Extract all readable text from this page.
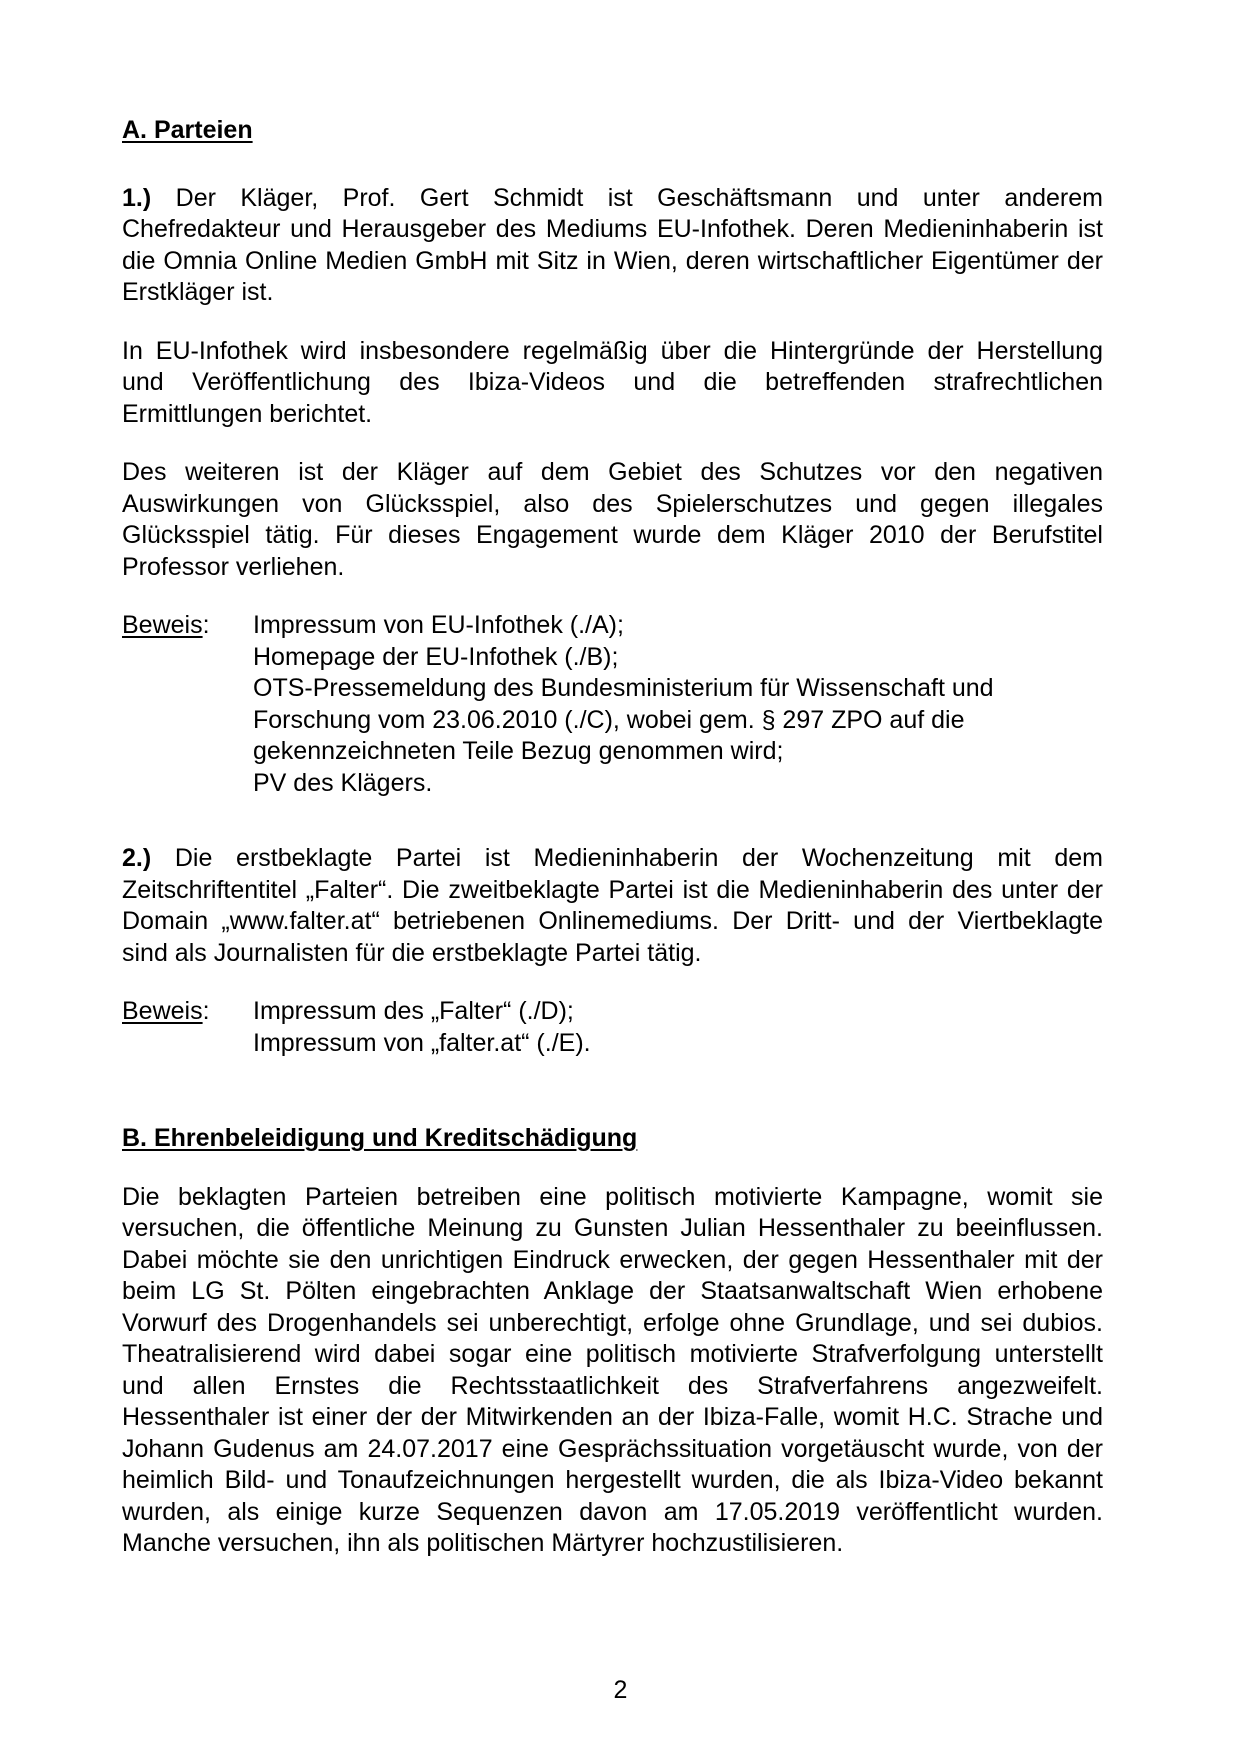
A. Parteien
1.) Der Kläger, Prof. Gert Schmidt ist Geschäftsmann und unter anderem
Chefredakteur und Herausgeber des Mediums EU-Infothek. Deren Medieninhaberin ist
die Omnia Online Medien GmbH mit Sitz in Wien, deren wirtschaftlicher Eigentümer der
Erstkläger ist.
In EU-Infothek wird insbesondere regelmäßig über die Hintergründe der Herstellung
und Veröffentlichung des Ibiza-Videos und die betreffenden strafrechtlichen
Ermittlungen berichtet.
Des weiteren ist der Kläger auf dem Gebiet des Schutzes vor den negativen
Auswirkungen von Glücksspiel, also des Spielerschutzes und gegen illegales
Glücksspiel tätig. Für dieses Engagement wurde dem Kläger 2010 der Berufstitel
Professor verliehen.
Beweis: Impressum von EU-Infothek (./A);
Homepage der EU-Infothek (./B);
OTS-Pressemeldung des Bundesministerium für Wissenschaft und Forschung vom 23.06.2010 (./C), wobei gem. § 297 ZPO auf die gekennzeichneten Teile Bezug genommen wird;
PV des Klägers.
2.) Die erstbeklagte Partei ist Medieninhaberin der Wochenzeitung mit dem
Zeitschriftentitel „Falter“. Die zweitbeklagte Partei ist die Medieninhaberin des unter der
Domain „www.falter.at“ betriebenen Onlinemediums. Der Dritt- und der Viertbeklagte
sind als Journalisten für die erstbeklagte Partei tätig.
Beweis: Impressum des „Falter“ (./D);
Impressum von „falter.at“ (./E).
B. Ehrenbeleidigung und Kreditschädigung
Die beklagten Parteien betreiben eine politisch motivierte Kampagne, womit sie
versuchen, die öffentliche Meinung zu Gunsten Julian Hessenthaler zu beeinflussen.
Dabei möchte sie den unrichtigen Eindruck erwecken, der gegen Hessenthaler mit der
beim LG St. Pölten eingebrachten Anklage der Staatsanwaltschaft Wien erhobene
Vorwurf des Drogenhandels sei unberechtigt, erfolge ohne Grundlage, und sei dubios.
Theatralisierend wird dabei sogar eine politisch motivierte Strafverfolgung unterstellt
und allen Ernstes die Rechtsstaatlichkeit des Strafverfahrens angezweifelt.
Hessenthaler ist einer der der Mitwirkenden an der Ibiza-Falle, womit H.C. Strache und
Johann Gudenus am 24.07.2017 eine Gesprächssituation vorgetäuscht wurde, von der
heimlich Bild- und Tonaufzeichnungen hergestellt wurden, die als Ibiza-Video bekannt
wurden, als einige kurze Sequenzen davon am 17.05.2019 veröffentlicht wurden.
Manche versuchen, ihn als politischen Märtyrer hochzustilisieren.
2
